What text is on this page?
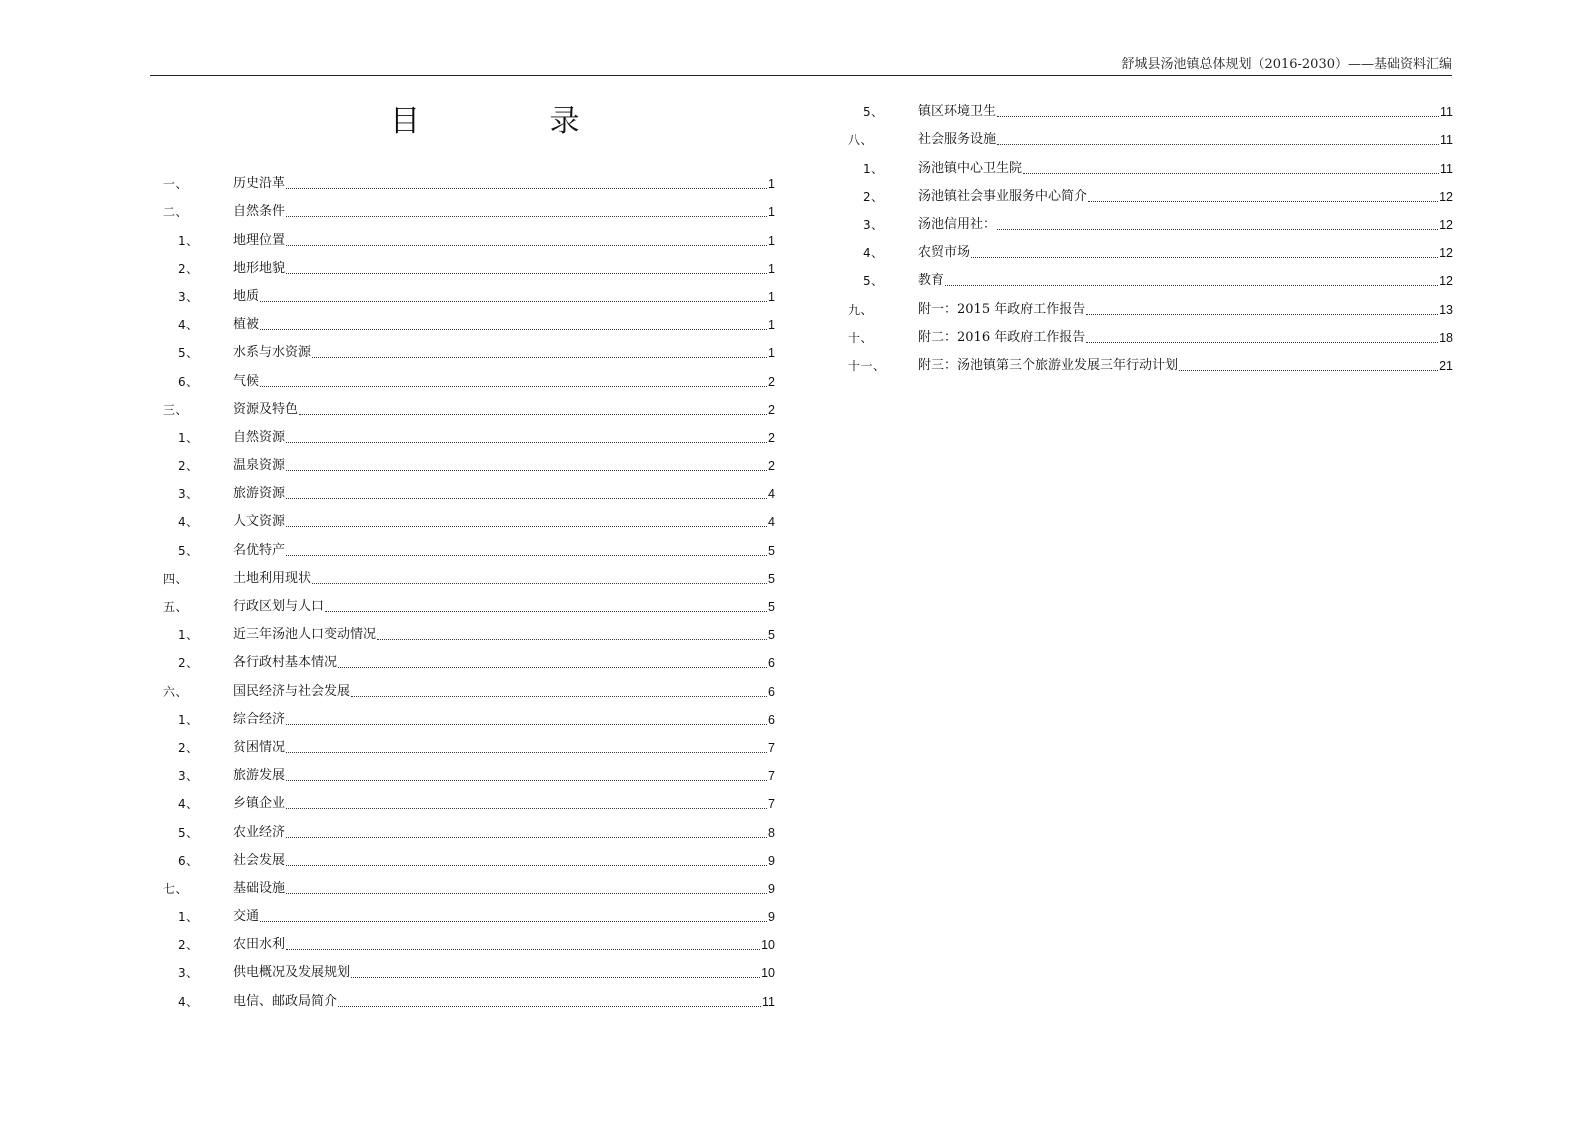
舒城县汤池镇总体规划（2016-2030）——基础资料汇编
目 录
一、	历史沿革	1
二、	自然条件	1
1、	地理位置	1
2、	地形地貌	1
3、	地质	1
4、	植被	1
5、	水系与水资源	1
6、	气候	2
三、	资源及特色	2
1、	自然资源	2
2、	温泉资源	2
3、	旅游资源	4
4、	人文资源	4
5、	名优特产	5
四、	土地利用现状	5
五、	行政区划与人口	5
1、	近三年汤池人口变动情况	5
2、	各行政村基本情况	6
六、	国民经济与社会发展	6
1、	综合经济	6
2、	贫困情况	7
3、	旅游发展	7
4、	乡镇企业	7
5、	农业经济	8
6、	社会发展	9
七、	基础设施	9
1、	交通	9
2、	农田水利	10
3、	供电概况及发展规划	10
4、	电信、邮政局简介	11
5、	镇区环境卫生	11
八、	社会服务设施	11
1、	汤池镇中心卫生院	11
2、	汤池镇社会事业服务中心简介	12
3、	汤池信用社：	12
4、	农贸市场	12
5、	教育	12
九、	附一：2015 年政府工作报告	13
十、	附二：2016 年政府工作报告	18
十一、	附三：汤池镇第三个旅游业发展三年行动计划	21
